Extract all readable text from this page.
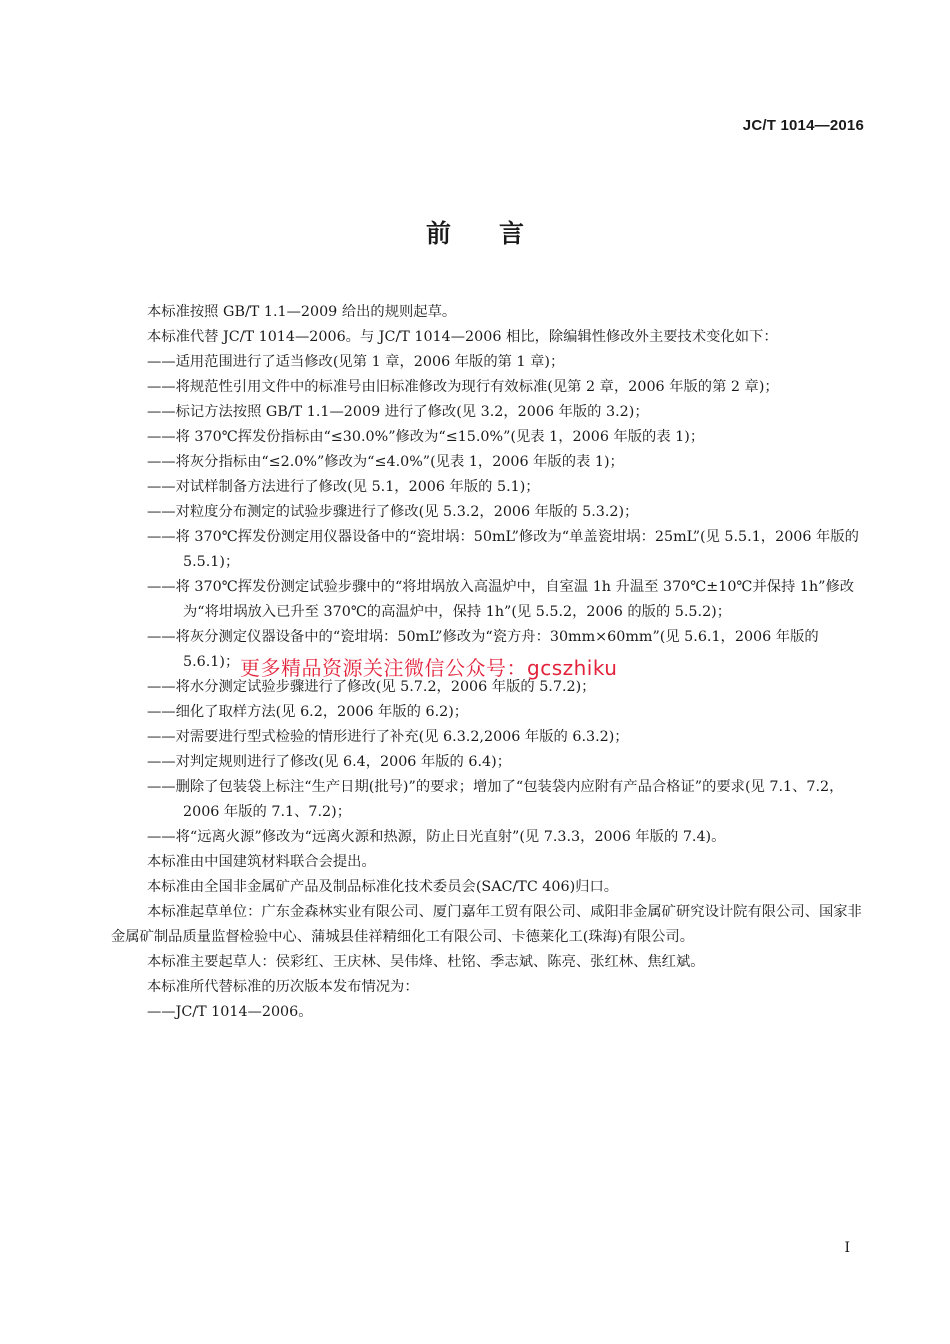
JC/T 1014—2016
前言

本标准按照 GB/T 1.1—2009 给出的规则起草。

本标准代替 JC/T 1014—2006。与 JC/T 1014—2006 相比，除编辑性修改外主要技术变化如下：

——适用范围进行了适当修改(见第 1 章，2006 年版的第 1 章)；

——将规范性引用文件中的标准号由旧标准修改为现行有效标准(见第 2 章，2006 年版的第 2 章)；

——标记方法按照 GB/T 1.1—2009 进行了修改(见 3.2，2006 年版的 3.2)；

——将 370℃挥发份指标由“≤30.0%”修改为“≤15.0%”(见表 1，2006 年版的表 1)；

——将灰分指标由“≤2.0%”修改为“≤4.0%”(见表 1，2006 年版的表 1)；

——对试样制备方法进行了修改(见 5.1，2006 年版的 5.1)；

——对粒度分布测定的试验步骤进行了修改(见 5.3.2，2006 年版的 5.3.2)；

——将 370℃挥发份测定用仪器设备中的“瓷坩埚：50mL”修改为“单盖瓷坩埚：25mL”(见 5.5.1，2006 年版的 5.5.1)；

——将 370℃挥发份测定试验步骤中的“将坩埚放入高温炉中，自室温 1h 升温至 370℃±10℃并保持 1h”修改为“将坩埚放入已升至 370℃的高温炉中，保持 1h”(见 5.5.2，2006 的版的 5.5.2)；

——将灰分测定仪器设备中的“瓷坩埚：50mL”修改为“瓷方舟：30mm×60mm”(见 5.6.1，2006 年版的 5.6.1)；

——将水分测定试验步骤进行了修改(见 5.7.2，2006 年版的 5.7.2)；

——细化了取样方法(见 6.2，2006 年版的 6.2)；

——对需要进行型式检验的情形进行了补充(见 6.3.2,2006 年版的 6.3.2)；

——对判定规则进行了修改(见 6.4，2006 年版的 6.4)；

——删除了包装袋上标注“生产日期(批号)”的要求；增加了“包装袋内应附有产品合格证”的要求(见 7.1、7.2，2006 年版的 7.1、7.2)；

——将“远离火源”修改为“远离火源和热源，防止日光直射”(见 7.3.3，2006 年版的 7.4)。

本标准由中国建筑材料联合会提出。

本标准由全国非金属矿产品及制品标准化技术委员会(SAC/TC 406)归口。

本标准起草单位：广东金森林实业有限公司、厦门嘉年工贸有限公司、咸阳非金属矿研究设计院有限公司、国家非金属矿制品质量监督检验中心、蒲城县佳祥精细化工有限公司、卡德莱化工(珠海)有限公司。

本标准主要起草人：侯彩红、王庆林、吴伟烽、杜铭、季志斌、陈亮、张红林、焦红斌。

本标准所代替标准的历次版本发布情况为：

——JC/T 1014—2006。

更多精品资源关注微信公众号：gcszhiku
I
